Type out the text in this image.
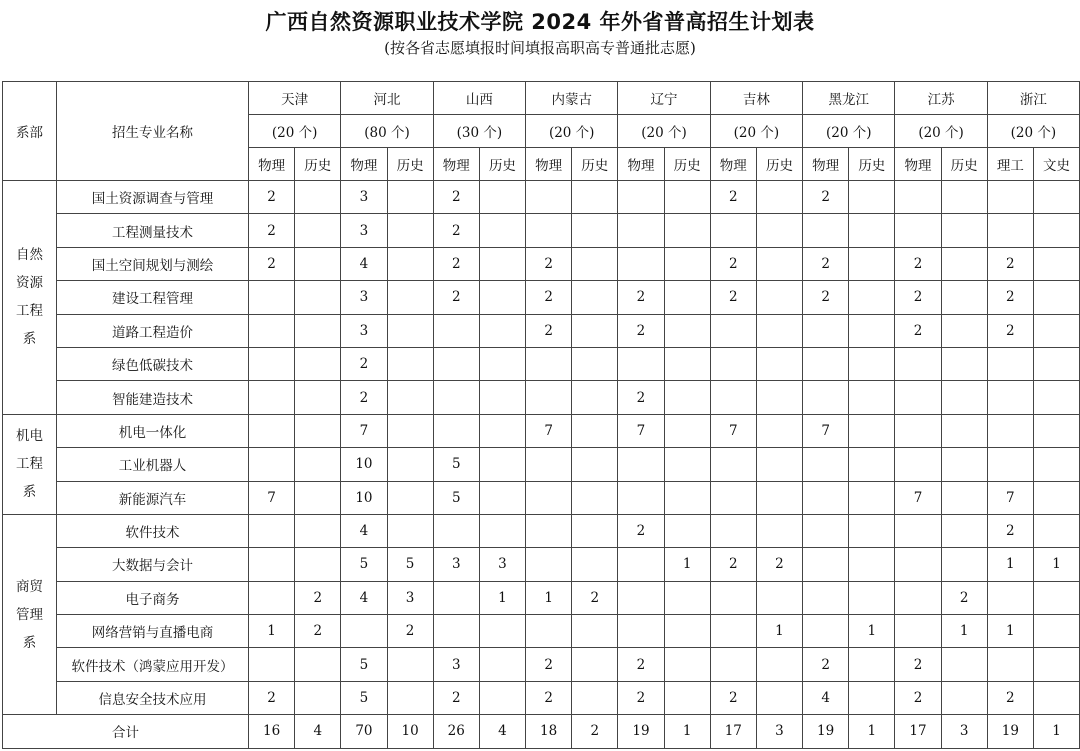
广西自然资源职业技术学院 2024 年外省普高招生计划表
(按各省志愿填报时间填报高职高专普通批志愿)
系部	招生专业名称	天津		河北		山西		内蒙古		辽宁		吉林		黑龙江		江苏		浙江	
		(20 个)		(80 个)		(30 个)		(20 个)		(20 个)		(20 个)		(20 个)		(20 个)		(20 个)	
		物理	历史	物理	历史	物理	历史	物理	历史	物理	历史	物理	历史	物理	历史	物理	历史	理工	文史

自然
资源
工程
系	国土资源调查与管理	2		3		2						2		2					
	工程测量技术	2		3		2													
	国土空间规划与测绘	2		4		2		2				2		2		2		2	
	建设工程管理			3		2		2		2		2		2		2		2	
	道路工程造价			3				2		2						2		2	
	绿色低碳技术			2															
	智能建造技术			2						2									

机电
工程
系	机电一体化			7				7		7		7		7					
	工业机器人			10		5													
	新能源汽车	7		10		5										7		7	

商贸
管理
系	软件技术			4						2								2	
	大数据与会计			5	5	3	3				1	2	2					1	1
	电子商务		2	4	3		1	1	2								2		
	网络营销与直播电商	1	2		2								1		1		1	1	
	软件技术（鸿蒙应用开发）			5		3		2		2				2		2			
	信息安全技术应用	2		5		2		2		2		2		4		2		2	
合计		16	4	70	10	26	4	18	2	19	1	17	3	19	1	17	3	19	1
